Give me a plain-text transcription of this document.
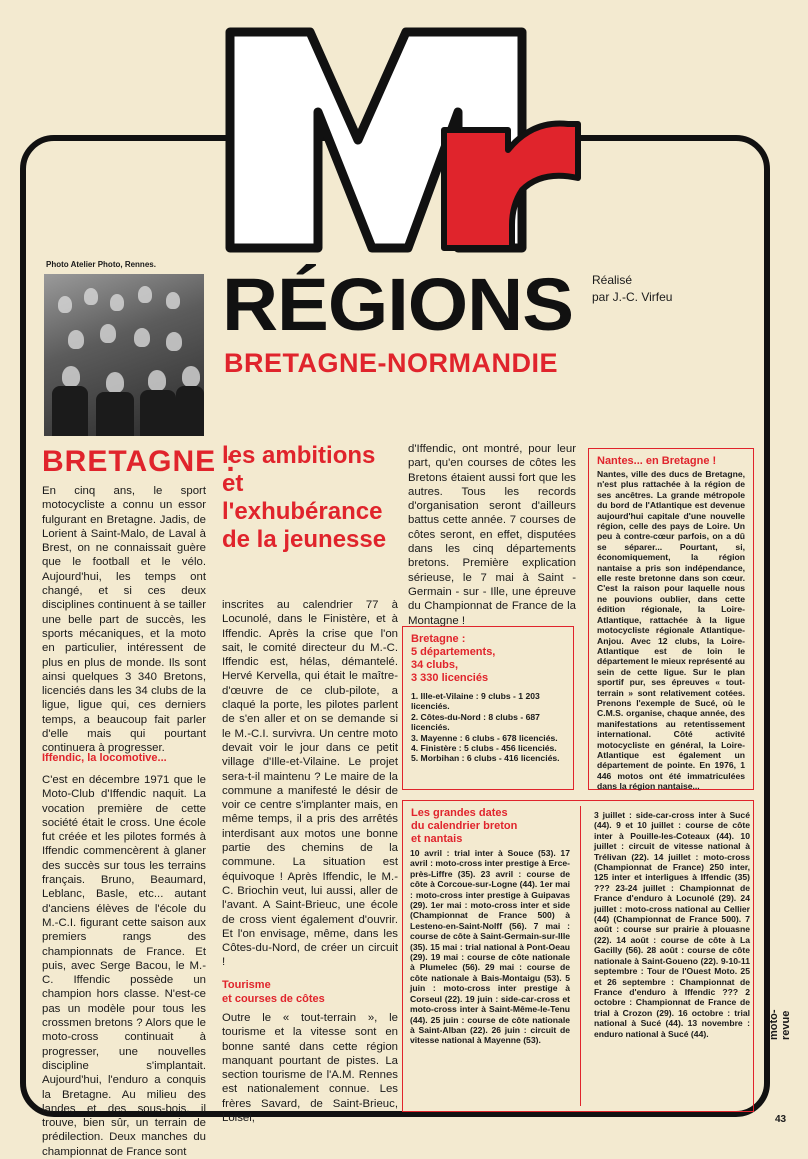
Photo Atelier Photo, Rennes. RÉGIONS
BRETAGNE-NORMANDIE
Réalisé
par J.-C. Virfeu
BRETAGNE :
les ambitions et l'exhubérance de la jeunesse

En cinq ans, le sport motocycliste a connu un essor fulgurant en Bretagne. Jadis, de Lorient à Saint-Malo, de Laval à Brest, on ne connaissait guère que le football et le vélo. Aujourd'hui, les temps ont changé, et si ces deux disciplines continuent à se tailler une belle part de succès, les sports mécaniques, et la moto en particulier, intéressent de plus en plus de monde. Ils sont ainsi quelques 3 340 Bretons, licenciés dans les 34 clubs de la ligue, ligue qui, ces derniers temps, a beaucoup fait parler d'elle mais qui pourtant continuera à progresser.

Iffendic, la locomotive...

C'est en décembre 1971 que le Moto-Club d'Iffendic naquit. La vocation première de cette société était le cross. Une école fut créée et les pilotes formés à Iffendic commencèrent à glaner des succès sur tous les terrains français. Bruno, Beaumard, Leblanc, Basle, etc... autant d'anciens élèves de l'école du M.-C.I. figurant cette saison aux premiers rangs des championnats de France. Et puis, avec Serge Bacou, le M.-C. Iffendic possède un champion hors classe. N'est-ce pas un modèle pour tous les crossmen bretons ? Alors que le moto-cross continuait à progresser, une nouvelles discipline s'implantait. Aujourd'hui, l'enduro a conquis la Bretagne. Au milieu des landes et des sous-bois, il trouve, bien sûr, un terrain de prédilection. Deux manches du championnat de France sont

inscrites au calendrier 77 à Locunolé, dans le Finistère, et à Iffendic. Après la crise que l'on sait, le comité directeur du M.-C. Iffendic est, hélas, démantelé. Hervé Kervella, qui était le maître-d'œuvre de ce club-pilote, a claqué la porte, les pilotes parlent de s'en aller et on se demande si le M.-C.I. survivra. Un centre moto devait voir le jour dans ce petit village d'Ille-et-Vilaine. Le projet sera-t-il maintenu ? Le maire de la commune a manifesté le désir de voir ce centre s'implanter mais, en même temps, il a pris des arrêtés interdisant aux motos une bonne partie des chemins de la commune. La situation est équivoque ! Après Iffendic, le M.-C. Briochin veut, lui aussi, aller de l'avant. A Saint-Brieuc, une école de cross vient également d'ouvrir. Et l'on envisage, même, dans les Côtes-du-Nord, de créer un circuit !

Tourisme
et courses de côtes

Outre le « tout-terrain », le tourisme et la vitesse sont en bonne santé dans cette région manquant pourtant de pistes. La section tourisme de l'A.M. Rennes est nationalement connue. Les frères Savard, de Saint-Brieuc, Loisel,

d'Iffendic, ont montré, pour leur part, qu'en courses de côtes les Bretons étaient aussi fort que les autres. Tous les records d'organisation seront d'ailleurs battus cette année. 7 courses de côtes seront, en effet, disputées dans les cinq départements bretons. Première explication sérieuse, le 7 mai à Saint - Germain - sur - Ille, une épreuve du Championnat de France de la Montagne !

Bretagne :
5 départements,
34 clubs,
3 330 licenciés

1. Ille-et-Vilaine : 9 clubs - 1 203 licenciés.

2. Côtes-du-Nord : 8 clubs - 687 licenciés.

3. Mayenne : 6 clubs - 678 licenciés.

4. Finistère : 5 clubs - 456 licenciés.

5. Morbihan : 6 clubs - 416 licenciés.

Nantes... en Bretagne !

Nantes, ville des ducs de Bretagne, n'est plus rattachée à la région de ses ancêtres. La grande métropole du bord de l'Atlantique est devenue aujourd'hui capitale d'une nouvelle région, celle des pays de Loire. Un peu à contre-cœur parfois, on a dû se séparer... Pourtant, si, économiquement, la région nantaise a pris son indépendance, elle reste bretonne dans son cœur. C'est la raison pour laquelle nous ne pouvions oublier, dans cette édition régionale, la Loire-Atlantique, rattachée à la ligue motocycliste régionale Atlantique-Anjou. Avec 12 clubs, la Loire-Atlantique est de loin le département le mieux représenté au sein de cette ligue. Sur le plan sportif pur, ses épreuves « tout-terrain » sont relativement cotées. Prenons l'exemple de Sucé, où le C.M.S. organise, chaque année, des manifestations au retentissement international. Côté activité motocycliste en général, la Loire-Atlantique est également un département de pointe. En 1976, 1 446 motos ont été immatriculées dans la région nantaise...

Les grandes dates
du calendrier breton
et nantais

10 avril : trial inter à Souce (53). 17 avril : moto-cross inter prestige à Erce-près-Liffre (35). 23 avril : course de côte à Corcoue-sur-Logne (44). 1er mai : moto-cross inter prestige à Guipavas (29). 1er mai : moto-cross inter et side (Championnat de France 500) à Lesteno-en-Saint-Nolff (56). 7 mai : course de côte à Saint-Germain-sur-Ille (35). 15 mai : trial national à Pont-Oeau (29). 19 mai : course de côte nationale à Plumelec (56). 29 mai : course de côte nationale à Bais-Montaigu (53). 5 juin : moto-cross inter prestige à Corseul (22). 19 juin : side-car-cross et moto-cross inter à Saint-Même-le-Tenu (44). 25 juin : course de côte nationale à Saint-Alban (22). 26 juin : circuit de vitesse national à Mayenne (53).

3 juillet : side-car-cross inter à Sucé (44). 9 et 10 juillet : course de côte inter à Pouille-les-Coteaux (44). 10 juillet : circuit de vitesse national à Trélivan (22). 14 juillet : moto-cross (Championnat de France) 250 inter, 125 inter et interligues à Iffendic (35) ??? 23-24 juillet : Championnat de France d'enduro à Locunolé (29). 24 juillet : moto-cross national au Cellier (44) (Championnat de France 500). 7 août : course sur prairie à plouasne (22). 14 août : course de côte à La Gacilly (56). 28 août : course de côte nationale à Saint-Goueno (22). 9-10-11 septembre : Tour de l'Ouest Moto. 25 et 26 septembre : Championnat de France d'enduro à Iffendic ??? 2 octobre : Championnat de France de trial à Crozon (29). 16 octobre : trial national à Sucé (44). 13 novembre : enduro national à Sucé (44).	moto-revue
43
